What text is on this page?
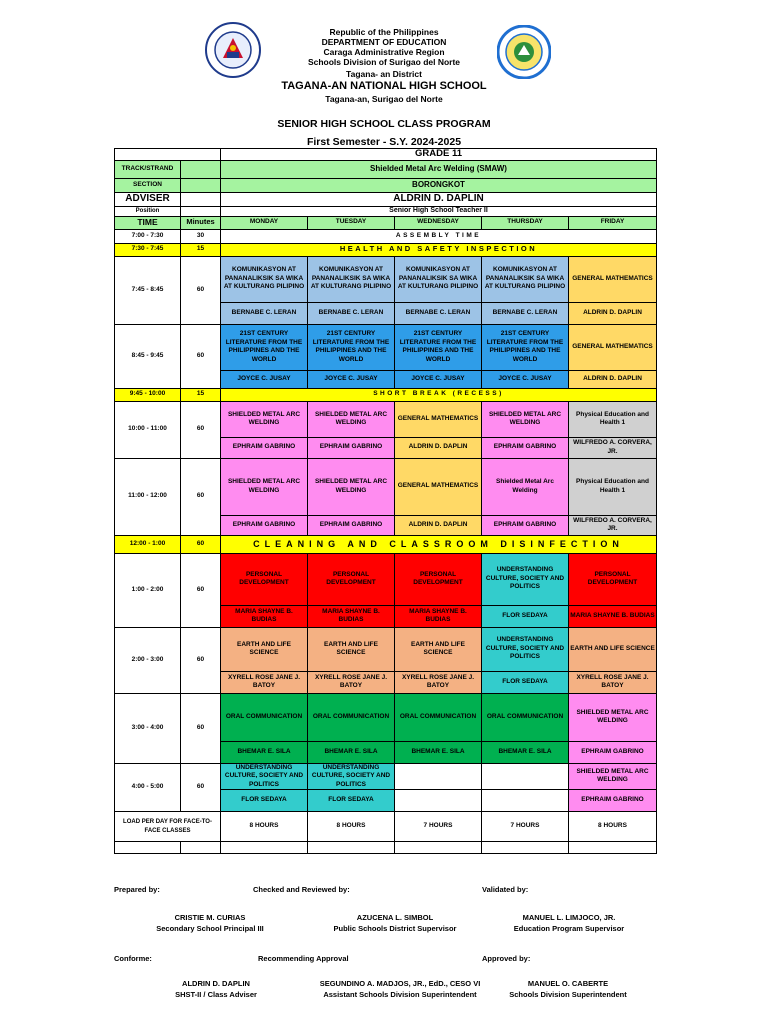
Republic of the Philippines
DEPARTMENT OF EDUCATION
Caraga Administrative Region
Schools Division of Surigao del Norte
Tagana- an District
TAGANA-AN NATIONAL HIGH SCHOOL
Tagana-an, Surigao del Norte
SENIOR HIGH SCHOOL CLASS PROGRAM
First Semester - S.Y. 2024-2025
		GRADE 11				
TRACK/STRAND		Shielded Metal Arc Welding (SMAW)				
SECTION		BORONGKOT				
ADVISER		ALDRIN D. DAPLIN				
Position		Senior High School Teacher II				
TIME	Minutes	MONDAY	TUESDAY	WEDNESDAY	THURSDAY	FRIDAY
7:00 - 7:30	30	ASSEMBLY TIME				
7:30 - 7:45	15	HEALTH AND SAFETY INSPECTION				
7:45 - 8:45	60	KOMUNIKASYON AT PANANALIKSIK SA WIKA AT KULTURANG PILIPINO	KOMUNIKASYON AT PANANALIKSIK SA WIKA AT KULTURANG PILIPINO	KOMUNIKASYON AT PANANALIKSIK SA WIKA AT KULTURANG PILIPINO	KOMUNIKASYON AT PANANALIKSIK SA WIKA AT KULTURANG PILIPINO	GENERAL MATHEMATICS
		BERNABE C. LERAN	BERNABE C. LERAN	BERNABE C. LERAN	BERNABE C. LERAN	ALDRIN D. DAPLIN
8:45 - 9:45	60	21ST CENTURY LITERATURE FROM THE PHILIPPINES AND THE WORLD	21ST CENTURY LITERATURE FROM THE PHILIPPINES AND THE WORLD	21ST CENTURY LITERATURE FROM THE PHILIPPINES AND THE WORLD	21ST CENTURY LITERATURE FROM THE PHILIPPINES AND THE WORLD	GENERAL MATHEMATICS
		JOYCE C. JUSAY	JOYCE C. JUSAY	JOYCE C. JUSAY	JOYCE C. JUSAY	ALDRIN D. DAPLIN
9:45 - 10:00	15	SHORT BREAK (RECESS)				
10:00 - 11:00	60	SHIELDED METAL ARC WELDING	SHIELDED METAL ARC WELDING	GENERAL MATHEMATICS	SHIELDED METAL ARC WELDING	Physical Education and Health 1
		EPHRAIM GABRINO	EPHRAIM GABRINO	ALDRIN D. DAPLIN	EPHRAIM GABRINO	WILFREDO A. CORVERA, JR.
11:00 - 12:00	60	SHIELDED METAL ARC WELDING	SHIELDED METAL ARC WELDING	GENERAL MATHEMATICS	Shielded Metal Arc Welding	Physical Education and Health 1
		EPHRAIM GABRINO	EPHRAIM GABRINO	ALDRIN D. DAPLIN	EPHRAIM GABRINO	WILFREDO A. CORVERA, JR.
12:00 - 1:00	60	CLEANING AND CLASSROOM DISINFECTION				
1:00 - 2:00	60	PERSONAL DEVELOPMENT	PERSONAL DEVELOPMENT	PERSONAL DEVELOPMENT	UNDERSTANDING CULTURE, SOCIETY AND POLITICS	PERSONAL DEVELOPMENT
		MARIA SHAYNE B. BUDIAS	MARIA SHAYNE B. BUDIAS	MARIA SHAYNE B. BUDIAS	FLOR SEDAYA	MARIA SHAYNE B. BUDIAS
2:00 - 3:00	60	EARTH AND LIFE SCIENCE	EARTH AND LIFE SCIENCE	EARTH AND LIFE SCIENCE	UNDERSTANDING CULTURE, SOCIETY AND POLITICS	EARTH AND LIFE SCIENCE
		XYRELL ROSE JANE J. BATOY	XYRELL ROSE JANE J. BATOY	XYRELL ROSE JANE J. BATOY	FLOR SEDAYA	XYRELL ROSE JANE J. BATOY
3:00 - 4:00	60	ORAL COMMUNICATION	ORAL COMMUNICATION	ORAL COMMUNICATION	ORAL COMMUNICATION	SHIELDED METAL ARC WELDING
		BHEMAR E. SILA	BHEMAR E. SILA	BHEMAR E. SILA	BHEMAR E. SILA	EPHRAIM GABRINO
4:00 - 5:00	60	UNDERSTANDING CULTURE, SOCIETY AND POLITICS	UNDERSTANDING CULTURE, SOCIETY AND POLITICS			SHIELDED METAL ARC WELDING
		FLOR SEDAYA	FLOR SEDAYA			EPHRAIM GABRINO
LOAD PER DAY FOR FACE-TO-FACE CLASSES		8 HOURS	8 HOURS	7 HOURS	7 HOURS	8 HOURS

Prepared by:	Checked and Reviewed by:	Validated by:
CRISTIE M. CURIAS
Secondary School Principal III
AZUCENA L. SIMBOL
Public Schools District Supervisor
MANUEL L. LIMJOCO, JR.
Education Program Supervisor
Conforme:	Recommending Approval	Approved by:
ALDRIN D. DAPLIN
SHST-II / Class Adviser
SEGUNDINO A. MADJOS, JR., EdD., CESO VI
Assistant Schools Division Superintendent
MANUEL O. CABERTE
Schools Division Superintendent
